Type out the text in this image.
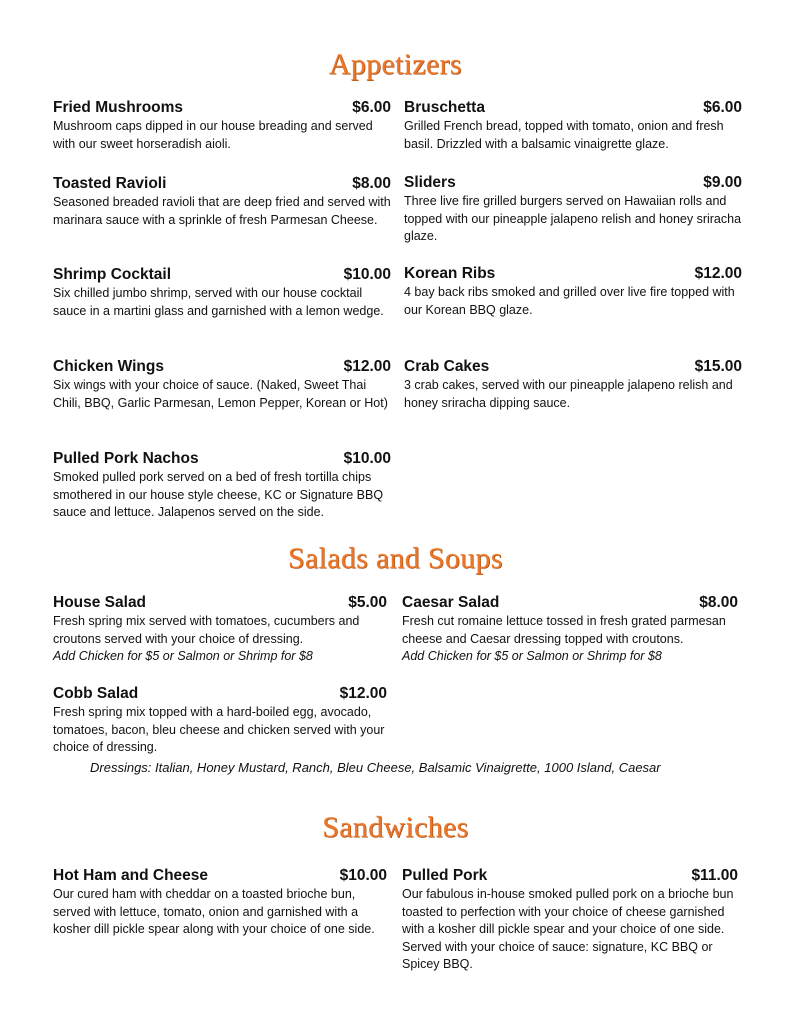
Appetizers
Fried Mushrooms	$6.00
Mushroom caps dipped in our house breading and served with our sweet horseradish aioli.
Bruschetta	$6.00
Grilled French bread, topped with tomato, onion and fresh basil. Drizzled with a balsamic vinaigrette glaze.
Toasted Ravioli	$8.00
Seasoned breaded ravioli that are deep fried and served with marinara sauce with a sprinkle of fresh Parmesan Cheese.
Sliders	$9.00
Three live fire grilled burgers served on Hawaiian rolls and topped with our pineapple jalapeno relish and honey sriracha glaze.
Shrimp Cocktail	$10.00
Six chilled jumbo shrimp, served with our house cocktail sauce in a martini glass and garnished with a lemon wedge.
Korean Ribs	$12.00
4 bay back ribs smoked and grilled over live fire topped with our Korean BBQ glaze.
Chicken Wings	$12.00
Six wings with your choice of sauce. (Naked, Sweet Thai Chili, BBQ, Garlic Parmesan, Lemon Pepper, Korean or Hot)
Crab Cakes	$15.00
3 crab cakes, served with our pineapple jalapeno relish and honey sriracha dipping sauce.
Pulled Pork Nachos	$10.00
Smoked pulled pork served on a bed of fresh tortilla chips smothered in our house style cheese, KC or Signature BBQ sauce and lettuce. Jalapenos served on the side.
Salads and Soups
House Salad	$5.00
Fresh spring mix served with tomatoes, cucumbers and croutons served with your choice of dressing.
Add Chicken for $5 or Salmon or Shrimp for $8
Caesar Salad	$8.00
Fresh cut romaine lettuce tossed in fresh grated parmesan cheese and Caesar dressing topped with croutons.
Add Chicken for $5 or Salmon or Shrimp for $8
Cobb Salad	$12.00
Fresh spring mix topped with a hard-boiled egg, avocado, tomatoes, bacon, bleu cheese and chicken served with your choice of dressing.
Dressings: Italian, Honey Mustard, Ranch, Bleu Cheese, Balsamic Vinaigrette, 1000 Island, Caesar
Sandwiches
Hot Ham and Cheese	$10.00
Our cured ham with cheddar on a toasted brioche bun, served with lettuce, tomato, onion and garnished with a kosher dill pickle spear along with your choice of one side.
Pulled Pork	$11.00
Our fabulous in-house smoked pulled pork on a brioche bun toasted to perfection with your choice of cheese garnished with a kosher dill pickle spear and your choice of one side. Served with your choice of sauce: signature, KC BBQ or Spicey BBQ.
